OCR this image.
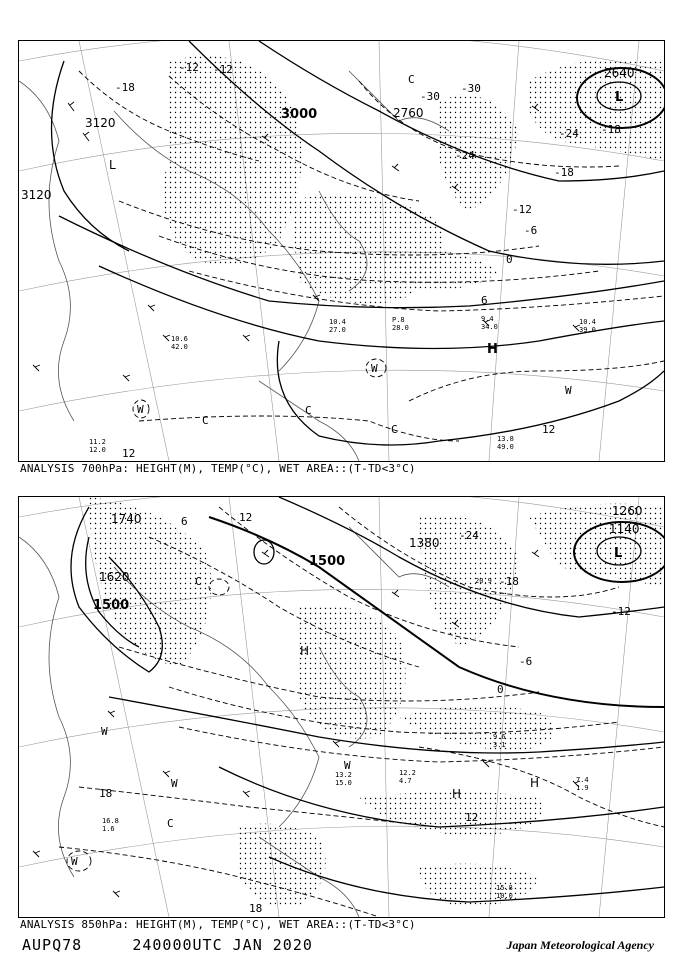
10.4
39.0
9.4
34.0
P.8
28.0
10.4
27.0
10.6
42.0
13.8
49.0
11.2
12.0
3120
3120
3000	2760
2640
-18
-12 -12
-18
-24
-30
-30
-24
-18
-12
-6
0
6
12
12
L
L
H
W
W
W
C
C
C
C
ANALYSIS 700hPa: HEIGHT(M), TEMP(°C), WET AREA::(T-TD<3°C)
15.8
10.0
9.6
3.1
7.4
1.9
13.2
15.0
12.2
4.7
16.8
1.6
20.9
1740
1620
1500
1500
1380
1260
1140
-24
-18
-12
-6
0
6	12
18
18
12
L
C
H
H
H
W
W
W
W
C
ANALYSIS 850hPa: HEIGHT(M), TEMP(°C), WET AREA::(T-TD<3°C)
AUPQ78	240000UTC JAN 2020	Japan Meteorological Agency
